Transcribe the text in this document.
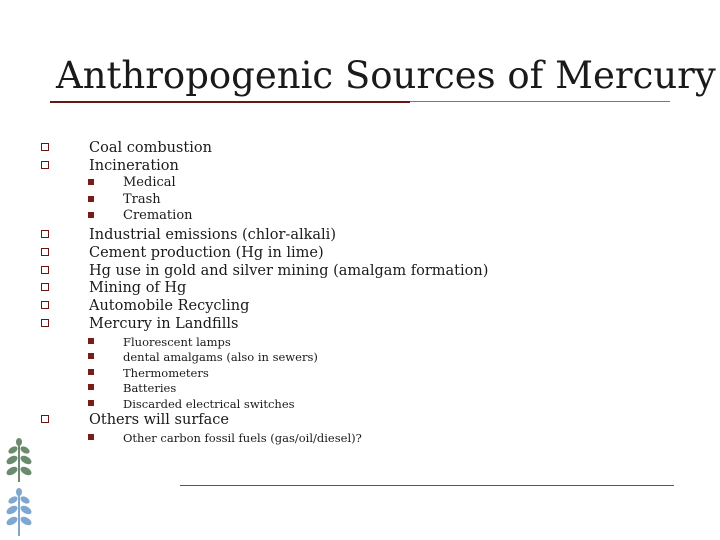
Anthropogenic Sources of Mercury
Coal combustion
Incineration
Medical
Trash
Cremation
Industrial emissions (chlor-alkali)
Cement production (Hg in lime)
Hg use in gold and silver mining (amalgam formation)
Mining of Hg
Automobile Recycling
Mercury in Landfills
Fluorescent lamps
dental amalgams (also in sewers)
Thermometers
Batteries
Discarded electrical switches
Others will surface
Other carbon fossil fuels (gas/oil/diesel)?
